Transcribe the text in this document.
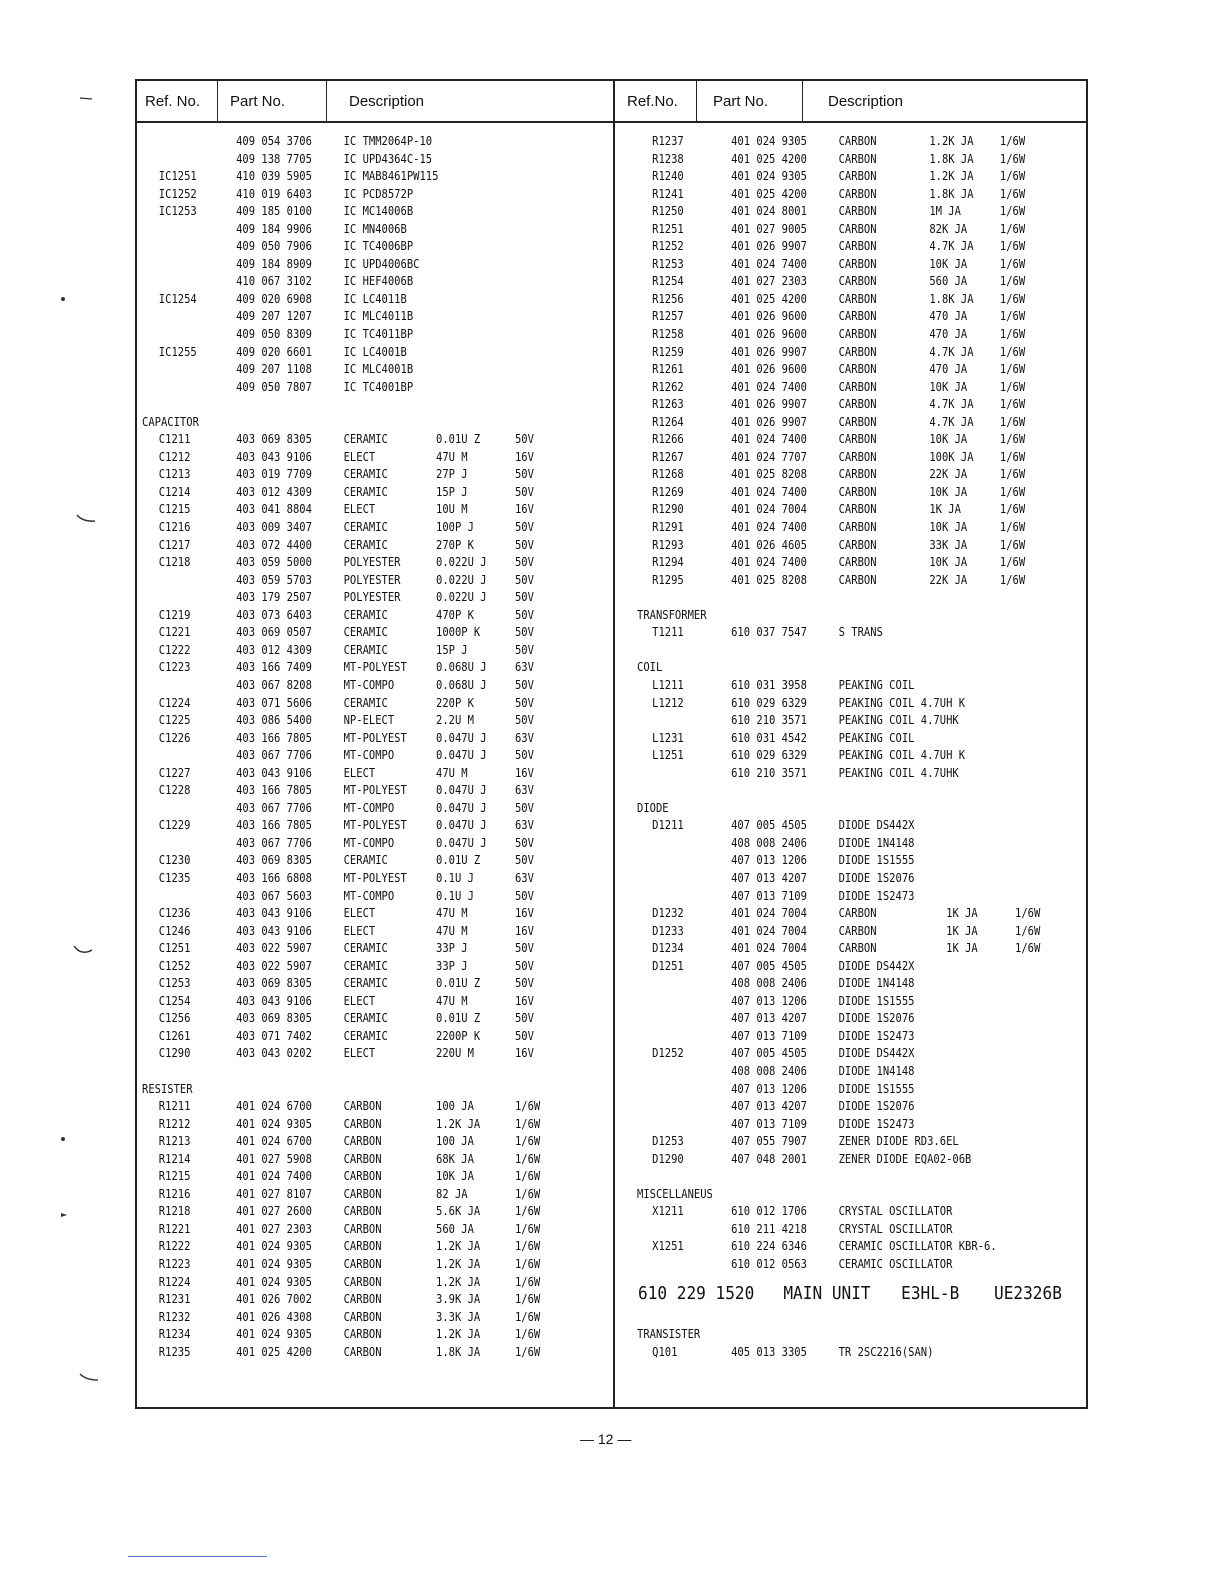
Ref. No. Part No.	Description	Ref.No. Part No.	Description
409 054 3706	IC TMM2064P-10
409 138 7705	IC UPD4364C-15
IC1251	410 039 5905	IC MAB8461PW115
IC1252	410 019 6403	IC PCD8572P
IC1253	409 185 0100	IC MC14006B
409 184 9906	IC MN4006B
409 050 7906	IC TC4006BP
409 184 8909	IC UPD4006BC
410 067 3102	IC HEF4006B
IC1254	409 020 6908	IC LC4011B
409 207 1207	IC MLC4011B
409 050 8309	IC TC4011BP
IC1255	409 020 6601	IC LC4001B
409 207 1108	IC MLC4001B
409 050 7807	IC TC4001BP
CAPACITOR
C1211	403 069 8305	CERAMIC	0.01U Z	50V
C1212	403 043 9106	ELECT	47U M	16V
C1213	403 019 7709	CERAMIC	27P J	50V
C1214	403 012 4309	CERAMIC	15P J	50V
C1215	403 041 8804	ELECT	10U M	16V
C1216	403 009 3407	CERAMIC	100P J	50V
C1217	403 072 4400	CERAMIC	270P K	50V
C1218	403 059 5000	POLYESTER	0.022U J 50V
403 059 5703	POLYESTER	0.022U J 50V
403 179 2507	POLYESTER	0.022U J 50V
C1219	403 073 6403	CERAMIC	470P K	50V
C1221	403 069 0507	CERAMIC	1000P K	50V
C1222	403 012 4309	CERAMIC	15P J	50V
C1223	403 166 7409	MT-POLYEST 0.068U J 63V
403 067 8208	MT-COMPO	0.068U J 50V
C1224	403 071 5606	CERAMIC	220P K	50V
C1225	403 086 5400	NP-ELECT	2.2U M	50V
C1226	403 166 7805	MT-POLYEST 0.047U J 63V
403 067 7706	MT-COMPO	0.047U J 50V
C1227	403 043 9106	ELECT	47U M	16V
C1228	403 166 7805	MT-POLYEST 0.047U J 63V
403 067 7706	MT-COMPO	0.047U J 50V
C1229	403 166 7805	MT-POLYEST 0.047U J 63V
403 067 7706	MT-COMPO	0.047U J 50V
C1230	403 069 8305	CERAMIC	0.01U Z	50V
C1235	403 166 6808	MT-POLYEST 0.1U J	63V
403 067 5603	MT-COMPO	0.1U J	50V
C1236	403 043 9106	ELECT	47U M	16V
C1246	403 043 9106	ELECT	47U M	16V
C1251	403 022 5907	CERAMIC	33P J	50V
C1252	403 022 5907	CERAMIC	33P J	50V
C1253	403 069 8305	CERAMIC	0.01U Z	50V
C1254	403 043 9106	ELECT	47U M	16V
C1256	403 069 8305	CERAMIC	0.01U Z	50V
C1261	403 071 7402	CERAMIC	2200P K	50V
C1290	403 043 0202	ELECT	220U M	16V
RESISTER
R1211	401 024 6700	CARBON	100 JA	1/6W
R1212	401 024 9305	CARBON	1.2K JA	1/6W
R1213	401 024 6700	CARBON	100 JA	1/6W
R1214	401 027 5908	CARBON	68K JA	1/6W
R1215	401 024 7400	CARBON	10K JA	1/6W
R1216	401 027 8107	CARBON	82 JA	1/6W
R1218	401 027 2600	CARBON	5.6K JA	1/6W
R1221	401 027 2303	CARBON	560 JA	1/6W
R1222	401 024 9305	CARBON	1.2K JA	1/6W
R1223	401 024 9305	CARBON	1.2K JA	1/6W
R1224	401 024 9305	CARBON	1.2K JA	1/6W
R1231	401 026 7002	CARBON	3.9K JA	1/6W
R1232	401 026 4308	CARBON	3.3K JA	1/6W
R1234	401 024 9305	CARBON	1.2K JA	1/6W
R1235	401 025 4200	CARBON	1.8K JA	1/6W
R1237	401 024 9305	CARBON	1.2K JA 1/6W
R1238	401 025 4200	CARBON	1.8K JA 1/6W
R1240	401 024 9305	CARBON	1.2K JA 1/6W
R1241	401 025 4200	CARBON	1.8K JA 1/6W
R1250	401 024 8001	CARBON	1M JA	1/6W
R1251	401 027 9005	CARBON	82K JA	1/6W
R1252	401 026 9907	CARBON	4.7K JA 1/6W
R1253	401 024 7400	CARBON	10K JA	1/6W
R1254	401 027 2303	CARBON	560 JA	1/6W
R1256	401 025 4200	CARBON	1.8K JA 1/6W
R1257	401 026 9600	CARBON	470 JA	1/6W
R1258	401 026 9600	CARBON	470 JA	1/6W
R1259	401 026 9907	CARBON	4.7K JA 1/6W
R1261	401 026 9600	CARBON	470 JA	1/6W
R1262	401 024 7400	CARBON	10K JA	1/6W
R1263	401 026 9907	CARBON	4.7K JA 1/6W
R1264	401 026 9907	CARBON	4.7K JA 1/6W
R1266	401 024 7400	CARBON	10K JA	1/6W
R1267	401 024 7707	CARBON	100K JA 1/6W
R1268	401 025 8208	CARBON	22K JA	1/6W
R1269	401 024 7400	CARBON	10K JA	1/6W
R1290	401 024 7004	CARBON	1K JA	1/6W
R1291	401 024 7400	CARBON	10K JA	1/6W
R1293	401 026 4605	CARBON	33K JA	1/6W
R1294	401 024 7400	CARBON	10K JA	1/6W
R1295	401 025 8208	CARBON	22K JA	1/6W
TRANSFORMER
T1211	610 037 7547	S TRANS
COIL
L1211	610 031 3958	PEAKING COIL
L1212	610 029 6329	PEAKING COIL 4.7UH K
610 210 3571	PEAKING COIL 4.7UHK
L1231	610 031 4542	PEAKING COIL
L1251	610 029 6329	PEAKING COIL 4.7UH K
610 210 3571	PEAKING COIL 4.7UHK
DIODE
D1211	407 005 4505	DIODE DS442X
408 008 2406	DIODE 1N4148
407 013 1206	DIODE 1S1555
407 013 4207	DIODE 1S2076
407 013 7109	DIODE 1S2473
D1232	401 024 7004	CARBON	1K JA	1/6W
D1233	401 024 7004	CARBON	1K JA	1/6W
D1234	401 024 7004	CARBON	1K JA	1/6W
D1251	407 005 4505	DIODE DS442X
408 008 2406	DIODE 1N4148
407 013 1206	DIODE 1S1555
407 013 4207	DIODE 1S2076
407 013 7109	DIODE 1S2473
D1252	407 005 4505	DIODE DS442X
408 008 2406	DIODE 1N4148
407 013 1206	DIODE 1S1555
407 013 4207	DIODE 1S2076
407 013 7109	DIODE 1S2473
D1253	407 055 7907	ZENER DIODE RD3.6EL
D1290	407 048 2001	ZENER DIODE EQA02-06B
MISCELLANEUS
X1211	610 012 1706	CRYSTAL OSCILLATOR
610 211 4218	CRYSTAL OSCILLATOR
X1251	610 224 6346	CERAMIC OSCILLATOR KBR-6.
610 012 0563	CERAMIC OSCILLATOR

610 229 1520

MAIN UNIT

E3HL-B

UE2326B

TRANSISTER
Q101	405 013 3305	TR 2SC2216(SAN)
— 12 —
